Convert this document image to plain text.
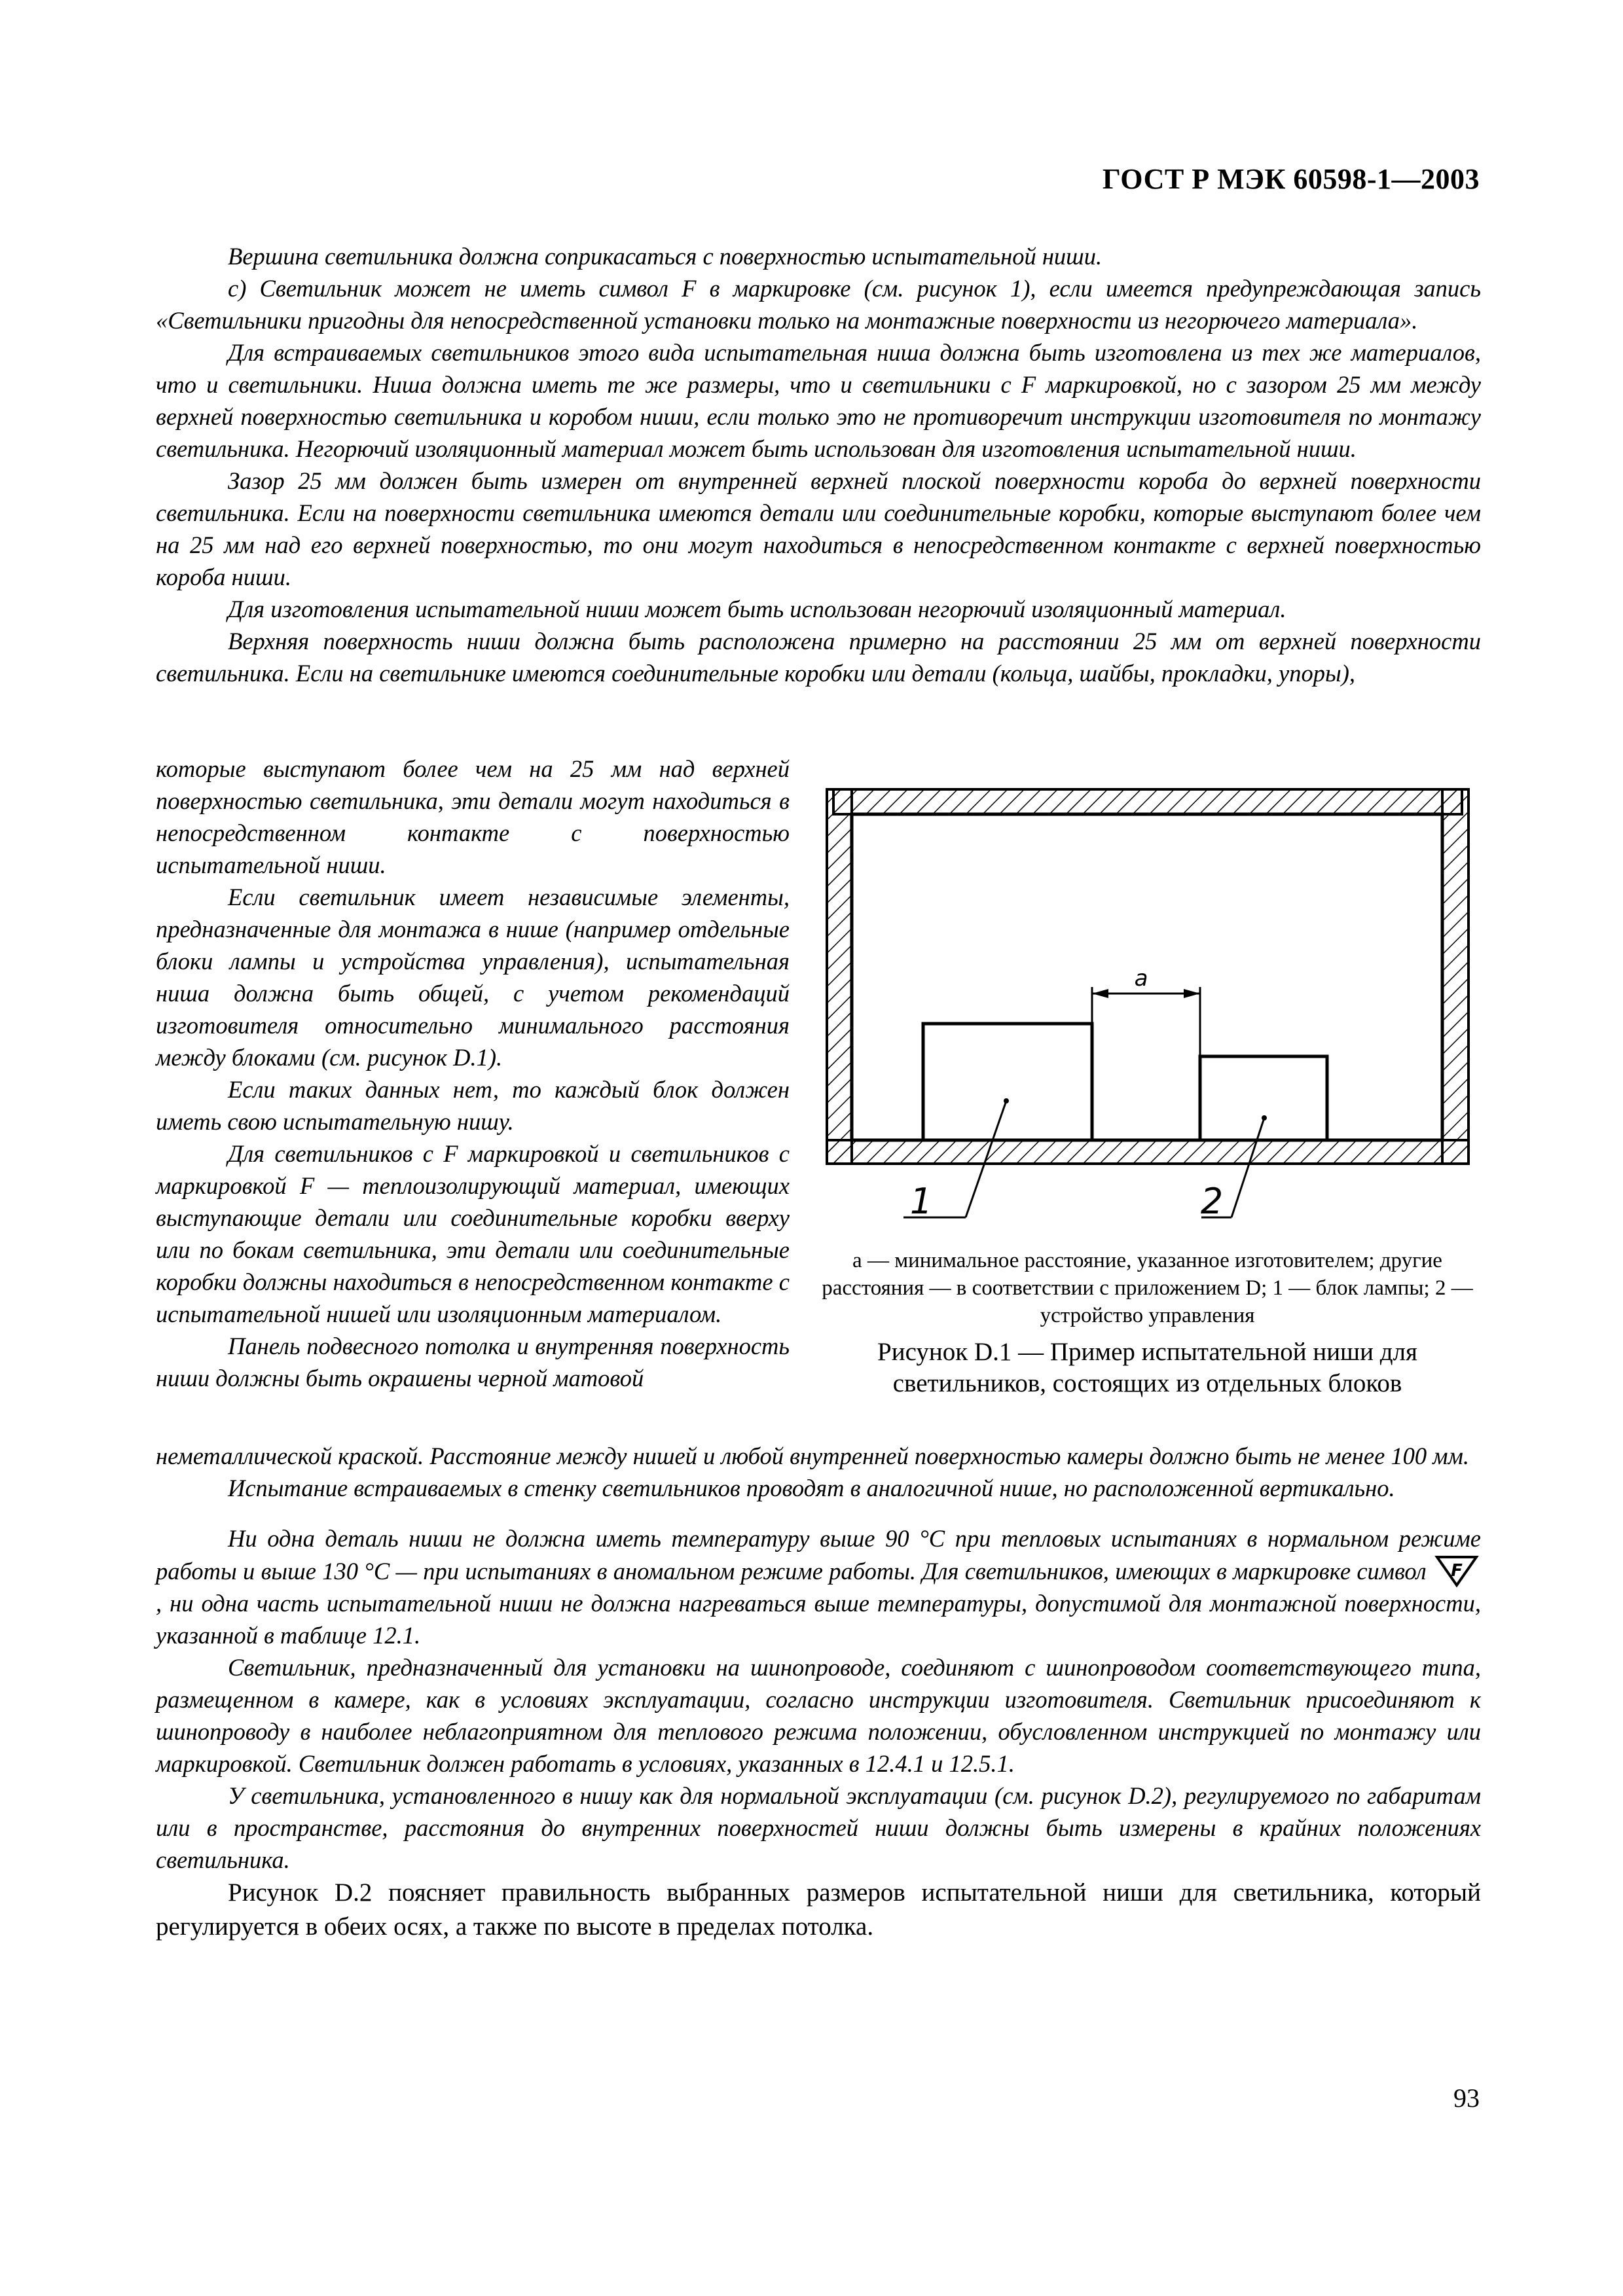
ГОСТ Р МЭК 60598-1—2003

Вершина светильника должна соприкасаться с поверхностью испытательной ниши.

c) Светильник может не иметь символ F в маркировке (см. рисунок 1), если имеется предупреждающая запись «Светильники пригодны для непосредственной установки только на монтажные поверхности из негорючего материала».

Для встраиваемых светильников этого вида испытательная ниша должна быть изготовлена из тех же материалов, что и светильники. Ниша должна иметь те же размеры, что и светильники с F маркировкой, но с зазором 25 мм между верхней поверхностью светильника и коробом ниши, если только это не противоречит инструкции изготовителя по монтажу светильника. Негорючий изоляционный материал может быть использован для изготовления испытательной ниши.

Зазор 25 мм должен быть измерен от внутренней верхней плоской поверхности короба до верхней поверхности светильника. Если на поверхности светильника имеются детали или соединительные коробки, которые выступают более чем на 25 мм над его верхней поверхностью, то они могут находиться в непосредственном контакте с верхней поверхностью короба ниши.

Для изготовления испытательной ниши может быть использован негорючий изоляционный материал.

Верхняя поверхность ниши должна быть расположена примерно на расстоянии 25 мм от верхней поверхности светильника. Если на светильнике имеются соединительные коробки или детали (кольца, шайбы, прокладки, упоры),

которые выступают более чем на 25 мм над верхней поверхностью светильника, эти детали могут находиться в непосредственном контакте с поверхностью испытательной ниши.

Если светильник имеет независимые элементы, предназначенные для монтажа в нише (например отдельные блоки лампы и устройства управления), испытательная ниша должна быть общей, с учетом рекомендаций изготовителя относительно минимального расстояния между блоками (см. рисунок D.1).

Если таких данных нет, то каждый блок должен иметь свою испытательную нишу.

Для светильников с F маркировкой и светильников с маркировкой F — теплоизолирующий материал, имеющих выступающие детали или соединительные коробки вверху или по бокам светильника, эти детали или соединительные коробки должны находиться в непосредственном контакте с испытательной нишей или изоляционным материалом.

Панель подвесного потолка и внутренняя поверхность ниши должны быть окрашены черной матовой

a
1	2
а — минимальное расстояние, указанное изготовителем; другие расстояния — в соответствии с приложением D; 1 — блок лампы; 2 — устройство управления
Рисунок D.1 — Пример испытательной ниши для светильников, состоящих из отдельных блоков

неметаллической краской. Расстояние между нишей и любой внутренней поверхностью камеры должно быть не менее 100 мм.

Испытание встраиваемых в стенку светильников проводят в аналогичной нише, но расположенной вертикально.

Ни одна деталь ниши не должна иметь температуру выше 90 °С при тепловых испытаниях в нормальном режиме работы и выше 130 °С — при испытаниях в аномальном режиме работы. Для светильников, имеющих в маркировке символ F
, ни одна часть испытательной ниши не должна нагреваться выше температуры, допустимой для монтажной поверхности, указанной в таблице 12.1.

Светильник, предназначенный для установки на шинопроводе, соединяют с шинопроводом соответствующего типа, размещенном в камере, как в условиях эксплуатации, согласно инструкции изготовителя. Светильник присоединяют к шинопроводу в наиболее неблагоприятном для теплового режима положении, обусловленном инструкцией по монтажу или маркировкой. Светильник должен работать в условиях, указанных в 12.4.1 и 12.5.1.

У светильника, установленного в нишу как для нормальной эксплуатации (см. рисунок D.2), регулируемого по габаритам или в пространстве, расстояния до внутренних поверхностей ниши должны быть измерены в крайних положениях светильника.

Рисунок D.2 поясняет правильность выбранных размеров испытательной ниши для светильника, который регулируется в обеих осях, а также по высоте в пределах потолка.

93
